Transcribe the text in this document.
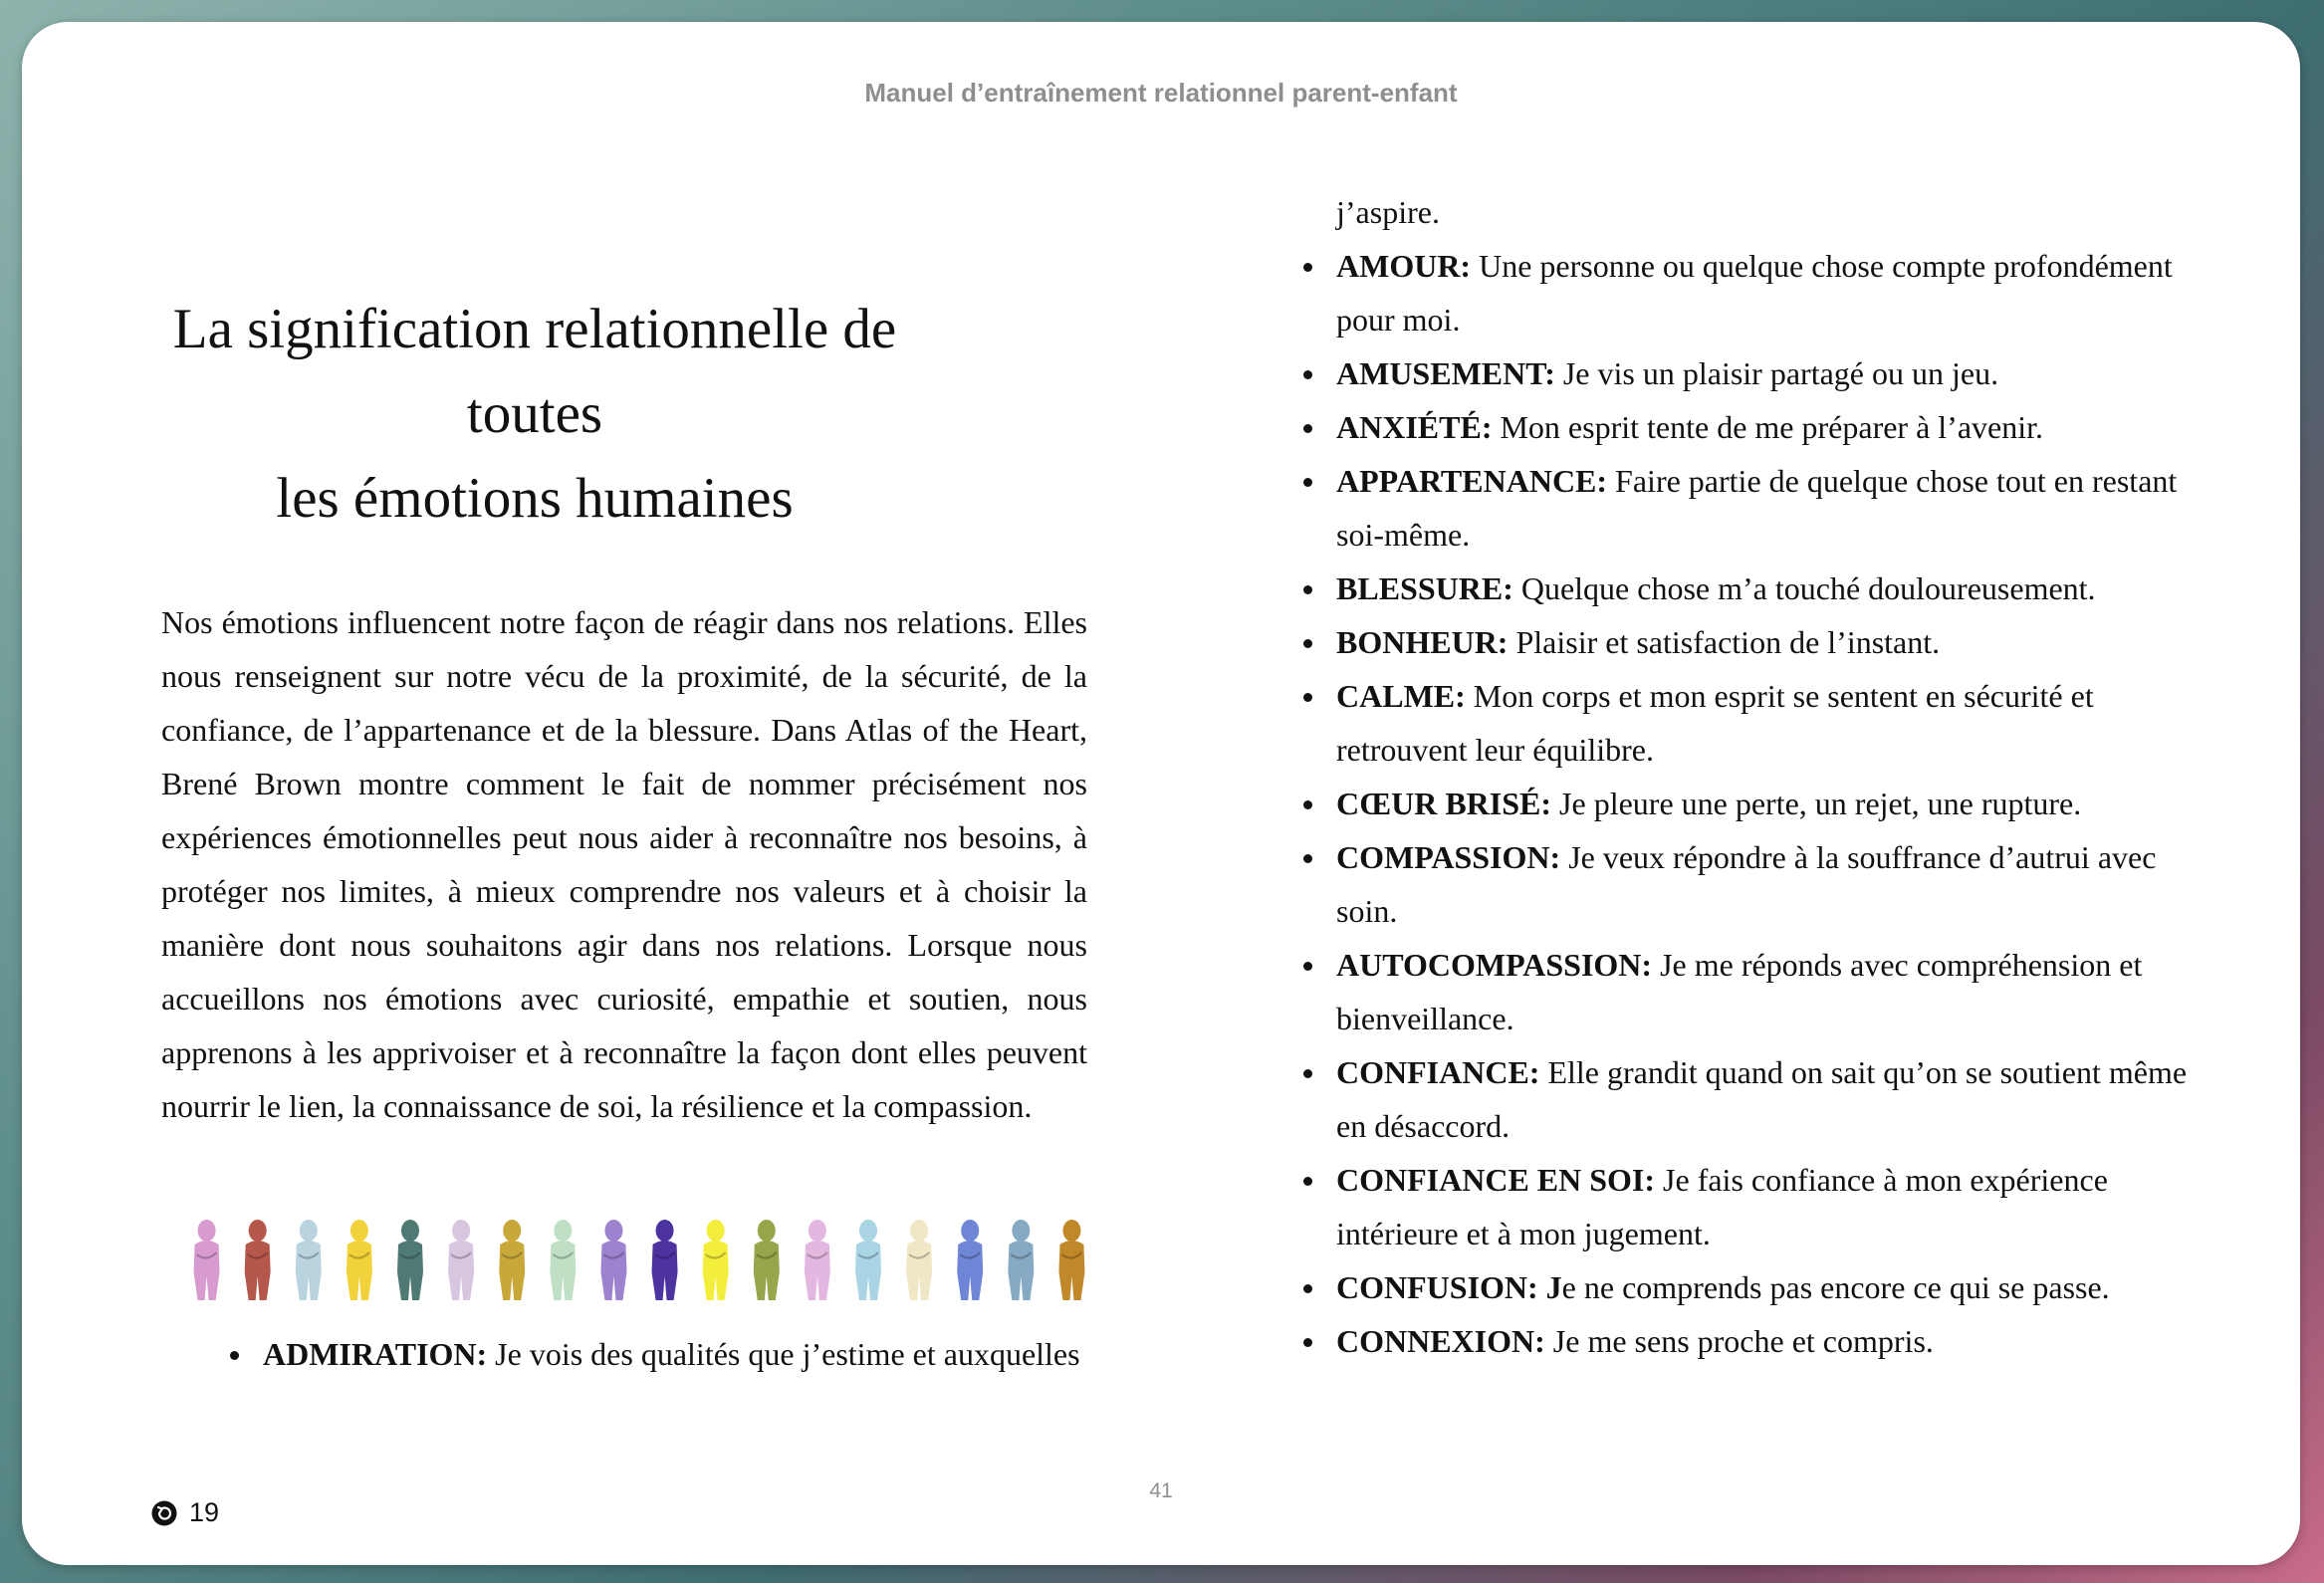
Manuel d’entraînement relationnel parent-enfant
La signification relationnelle de toutes
les émotions humaines

Nos émotions influencent notre façon de réagir dans nos relations. Elles nous renseignent sur notre vécu de la proximité, de la sécurité, de la confiance, de l’appartenance et de la blessure. Dans Atlas of the Heart, Brené Brown montre comment le fait de nommer précisément nos expériences émotionnelles peut nous aider à reconnaître nos besoins, à protéger nos limites, à mieux comprendre nos valeurs et à choisir la manière dont nous souhaitons agir dans nos relations. Lorsque nous accueillons nos émotions avec curiosité, empathie et soutien, nous apprenons à les apprivoiser et à reconnaître la façon dont elles peuvent nourrir le lien, la connaissance de soi, la résilience et la compassion.

ADMIRATION: Je vois des qualités que j’estime et auxquelles
j’aspire.
AMOUR: Une personne ou quelque chose compte profondément pour moi.
AMUSEMENT: Je vis un plaisir partagé ou un jeu.
ANXIÉTÉ: Mon esprit tente de me préparer à l’avenir.
APPARTENANCE: Faire partie de quelque chose tout en restant soi-même.
BLESSURE: Quelque chose m’a touché douloureusement.
BONHEUR: Plaisir et satisfaction de l’instant.
CALME: Mon corps et mon esprit se sentent en sécurité et retrouvent leur équilibre.
CŒUR BRISÉ: Je pleure une perte, un rejet, une rupture.
COMPASSION: Je veux répondre à la souffrance d’autrui avec soin.
AUTOCOMPASSION: Je me réponds avec compréhension et bienveillance.
CONFIANCE: Elle grandit quand on sait qu’on se soutient même en désaccord.
CONFIANCE EN SOI: Je fais confiance à mon expérience intérieure et à mon jugement.
CONFUSION: Je ne comprends pas encore ce qui se passe.
CONNEXION: Je me sens proche et compris.
41
19
